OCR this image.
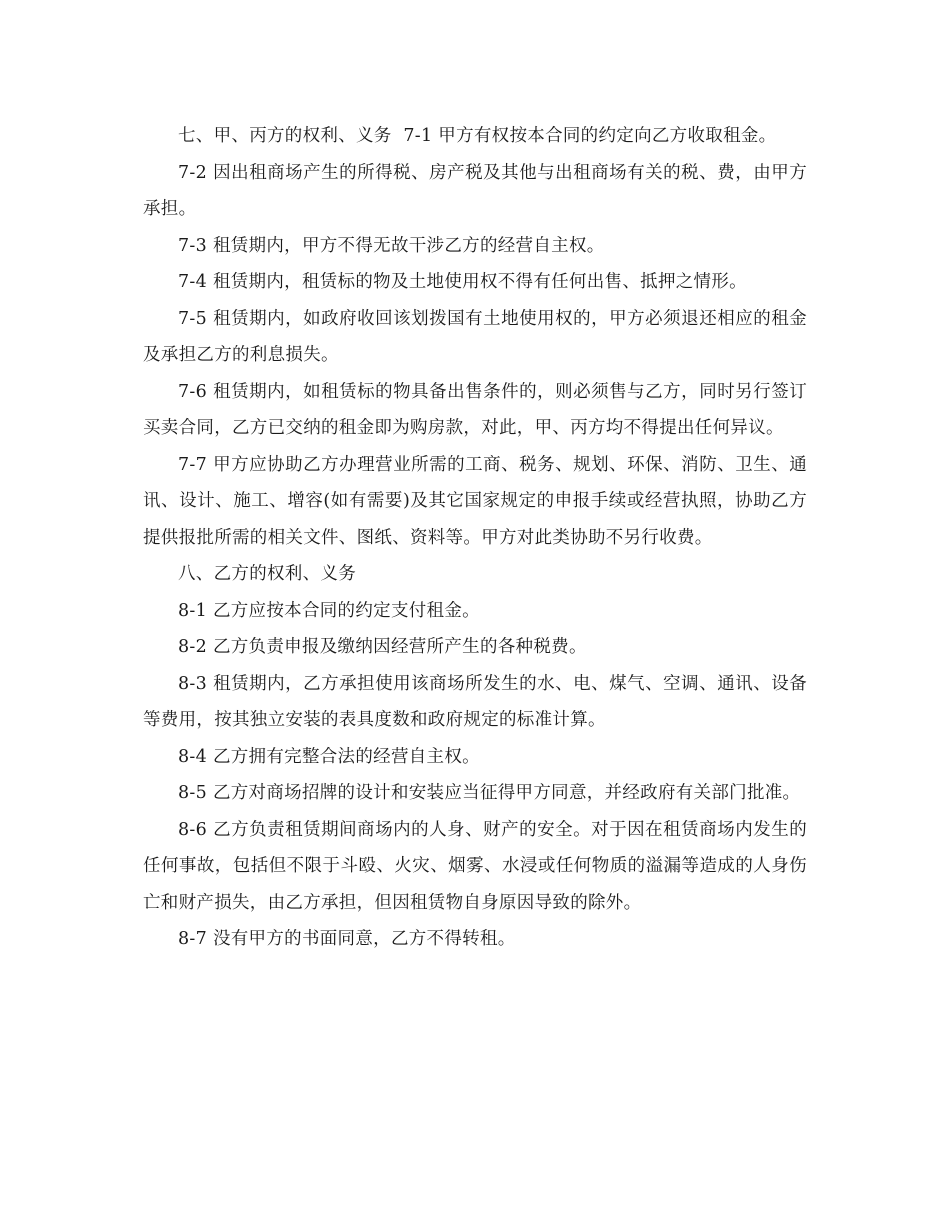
七、甲、丙方的权利、义务  7-1 甲方有权按本合同的约定向乙方收取租金。

7-2 因出租商场产生的所得税、房产税及其他与出租商场有关的税、费，由甲方承担。

7-3 租赁期内，甲方不得无故干涉乙方的经营自主权。

7-4 租赁期内，租赁标的物及土地使用权不得有任何出售、抵押之情形。

7-5 租赁期内，如政府收回该划拨国有土地使用权的，甲方必须退还相应的租金及承担乙方的利息损失。

7-6 租赁期内，如租赁标的物具备出售条件的，则必须售与乙方，同时另行签订买卖合同，乙方已交纳的租金即为购房款，对此，甲、丙方均不得提出任何异议。

7-7 甲方应协助乙方办理营业所需的工商、税务、规划、环保、消防、卫生、通讯、设计、施工、增容(如有需要)及其它国家规定的申报手续或经营执照，协助乙方提供报批所需的相关文件、图纸、资料等。甲方对此类协助不另行收费。

八、乙方的权利、义务

8-1 乙方应按本合同的约定支付租金。

8-2 乙方负责申报及缴纳因经营所产生的各种税费。

8-3 租赁期内，乙方承担使用该商场所发生的水、电、煤气、空调、通讯、设备等费用，按其独立安装的表具度数和政府规定的标准计算。

8-4 乙方拥有完整合法的经营自主权。

8-5 乙方对商场招牌的设计和安装应当征得甲方同意，并经政府有关部门批准。

8-6 乙方负责租赁期间商场内的人身、财产的安全。对于因在租赁商场内发生的任何事故，包括但不限于斗殴、火灾、烟雾、水浸或任何物质的溢漏等造成的人身伤亡和财产损失，由乙方承担，但因租赁物自身原因导致的除外。

8-7 没有甲方的书面同意，乙方不得转租。
